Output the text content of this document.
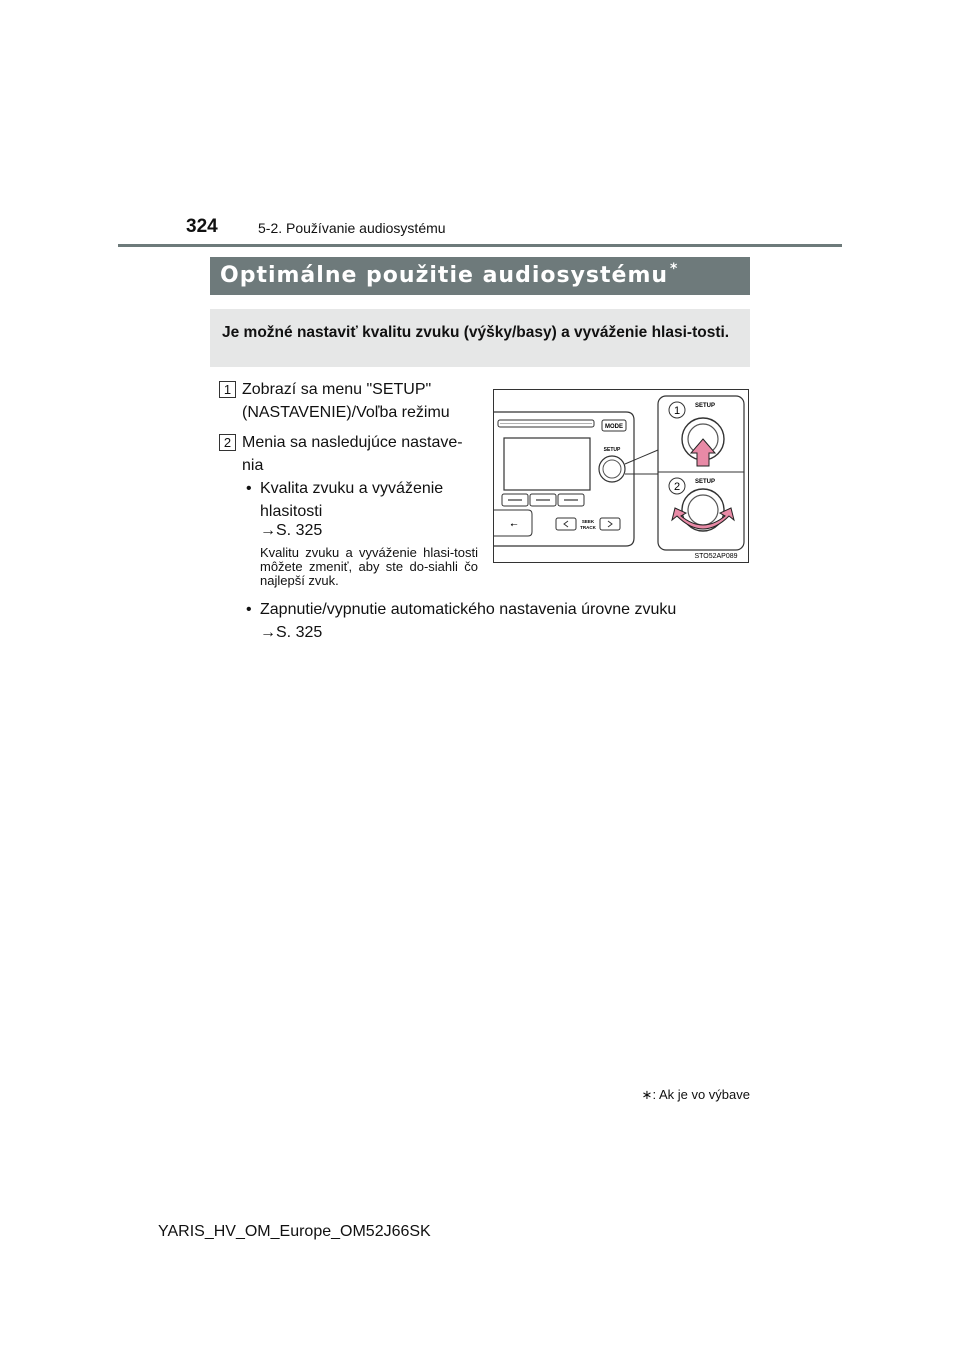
324	5-2. Používanie audiosystému
Optimálne použitie audiosystému *
Je možné nastaviť kvalitu zvuku (výšky/basy) a vyváženie hlasi-tosti.
1 Zobrazí sa menu "SETUP"
(NASTAVENIE)/Voľba režimu
2 Menia sa nasledujúce nastave-
nia
• Kvalita zvuku a vyváženie
hlasitosti
→S. 325
Kvalitu zvuku a vyváženie hlasi-tosti môžete zmeniť, aby ste do-siahli čo najlepší zvuk.
• Zapnutie/vypnutie automatického nastavenia úrovne zvuku
→S. 325
MODE
SETUP
⭠	SEEK
TRACK
1 SETUP
2 SETUP
STO52AP089
∗: Ak je vo výbave
YARIS_HV_OM_Europe_OM52J66SK
